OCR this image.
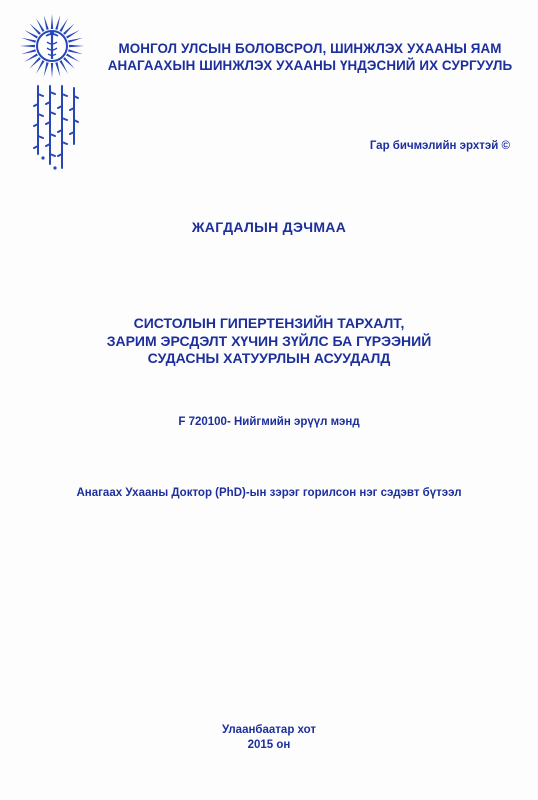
МОНГОЛ УЛСЫН БОЛОВСРОЛ, ШИНЖЛЭХ УХААНЫ ЯАМ
АНАГААХЫН ШИНЖЛЭХ УХААНЫ ҮНДЭСНИЙ ИХ СУРГУУЛЬ
Гар бичмэлийн эрхтэй ©
ЖАГДАЛЫН ДЭЧМАА
СИСТОЛЫН ГИПЕРТЕНЗИЙН ТАРХАЛТ,
ЗАРИМ ЭРСДЭЛТ ХҮЧИН ЗҮЙЛС БА ГҮРЭЭНИЙ
СУДАСНЫ ХАТУУРЛЫН АСУУДАЛД
F 720100- Нийгмийн эрүүл мэнд
Анагаах Ухааны Доктор (PhD)-ын зэрэг горилсон нэг сэдэвт бүтээл
Улаанбаатар хот
2015 он
